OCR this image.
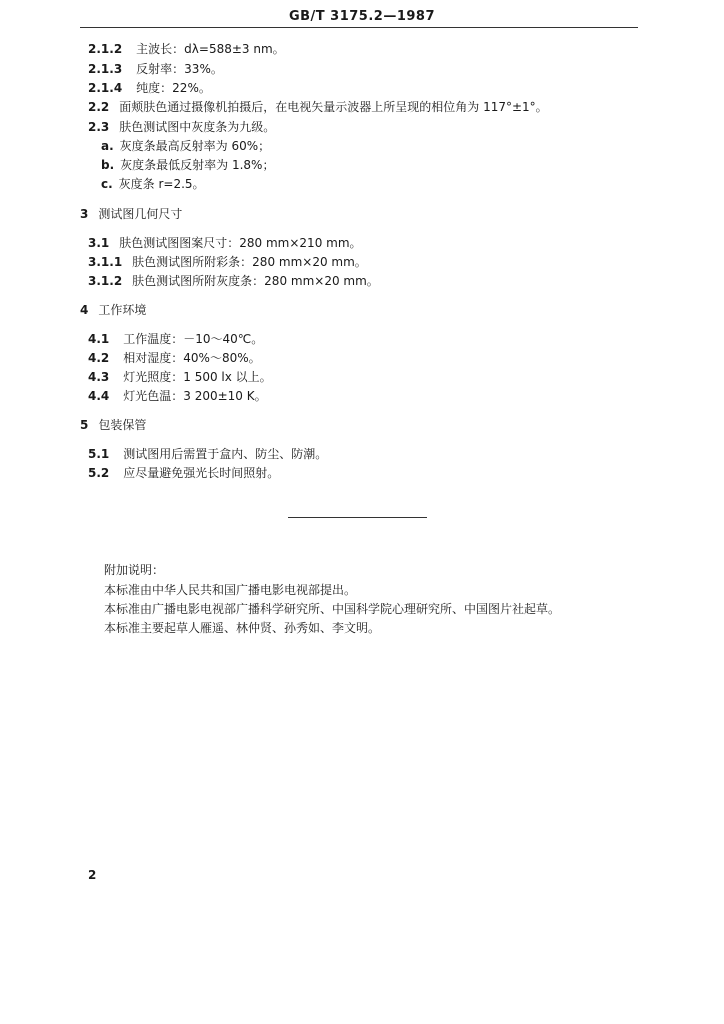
GB/T 3175.2—1987
2.1.2 主波长：dλ=588±3 nm。
2.1.3 反射率：33%。
2.1.4 纯度：22%。
2.2 面颊肤色通过摄像机拍摄后，在电视矢量示波器上所呈现的相位角为 117°±1°。
2.3 肤色测试图中灰度条为九级。
a. 灰度条最高反射率为 60%；
b. 灰度条最低反射率为 1.8%；
c. 灰度条 r=2.5。
3 测试图几何尺寸
3.1 肤色测试图图案尺寸：280 mm×210 mm。
3.1.1 肤色测试图所附彩条：280 mm×20 mm。
3.1.2 肤色测试图所附灰度条：280 mm×20 mm。
4 工作环境
4.1 工作温度：－10～40℃。
4.2 相对湿度：40%～80%。
4.3 灯光照度：1 500 lx 以上。
4.4 灯光色温：3 200±10 K。
5 包装保管
5.1 测试图用后需置于盒内、防尘、防潮。
5.2 应尽量避免强光长时间照射。
附加说明：
本标准由中华人民共和国广播电影电视部提出。
本标准由广播电影电视部广播科学研究所、中国科学院心理研究所、中国图片社起草。
本标准主要起草人雁遥、林仲贤、孙秀如、李文明。
2
